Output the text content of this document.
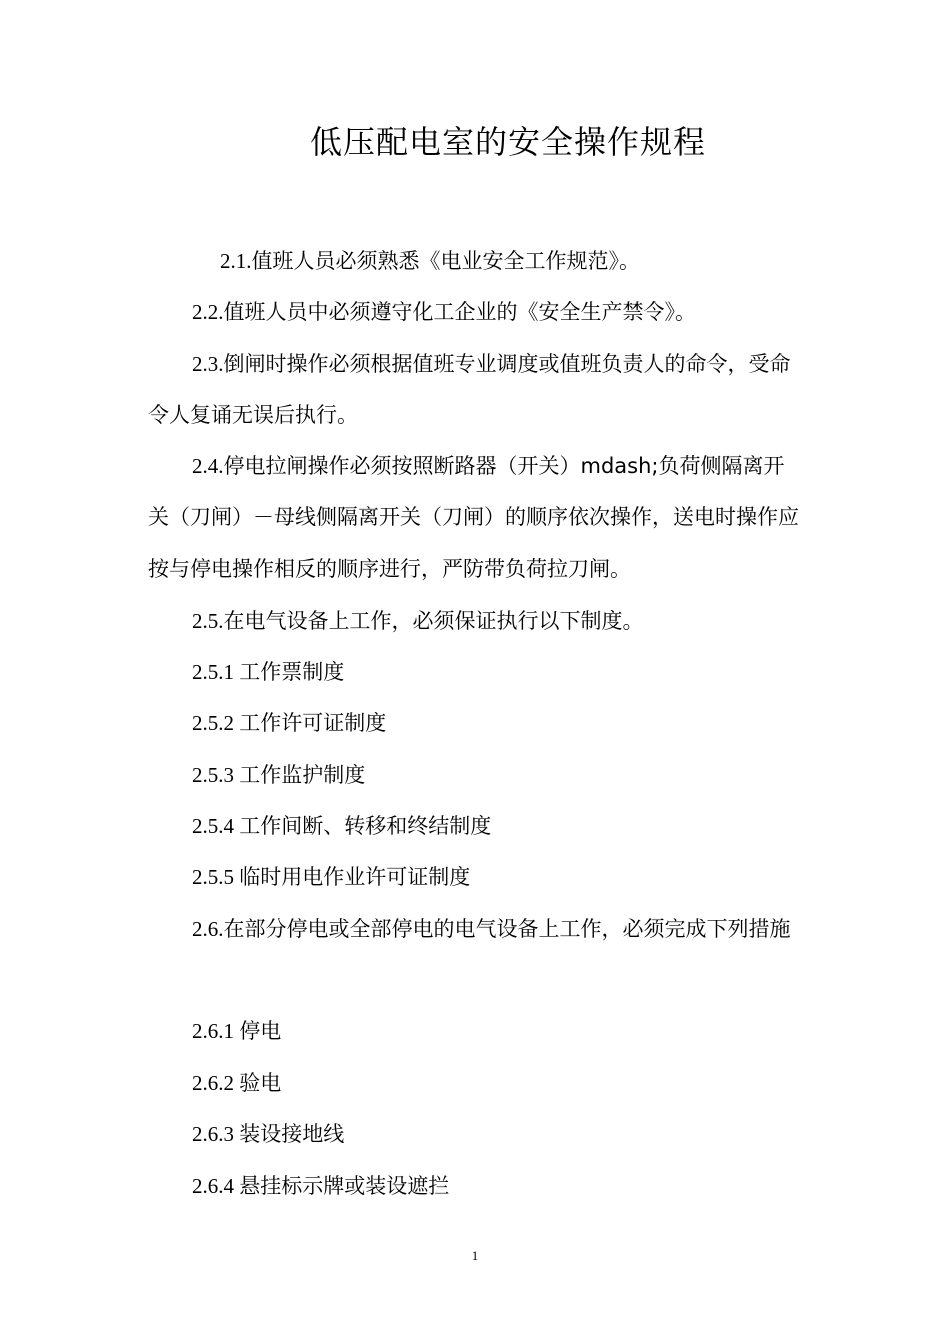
低压配电室的安全操作规程

2.1.值班人员必须熟悉《电业安全工作规范》。

2.2.值班人员中必须遵守化工企业的《安全生产禁令》。

2.3.倒闸时操作必须根据值班专业调度或值班负责人的命令，受命令人复诵无误后执行。

2.4.停电拉闸操作必须按照断路器（开关）mdash;负荷侧隔离开关（刀闸）－母线侧隔离开关（刀闸）的顺序依次操作，送电时操作应按与停电操作相反的顺序进行，严防带负荷拉刀闸。

2.5.在电气设备上工作，必须保证执行以下制度。

2.5.1 工作票制度

2.5.2 工作许可证制度

2.5.3 工作监护制度

2.5.4 工作间断、转移和终结制度

2.5.5 临时用电作业许可证制度

2.6.在部分停电或全部停电的电气设备上工作，必须完成下列措施

2.6.1 停电

2.6.2 验电

2.6.3 装设接地线

2.6.4 悬挂标示牌或装设遮拦

1
